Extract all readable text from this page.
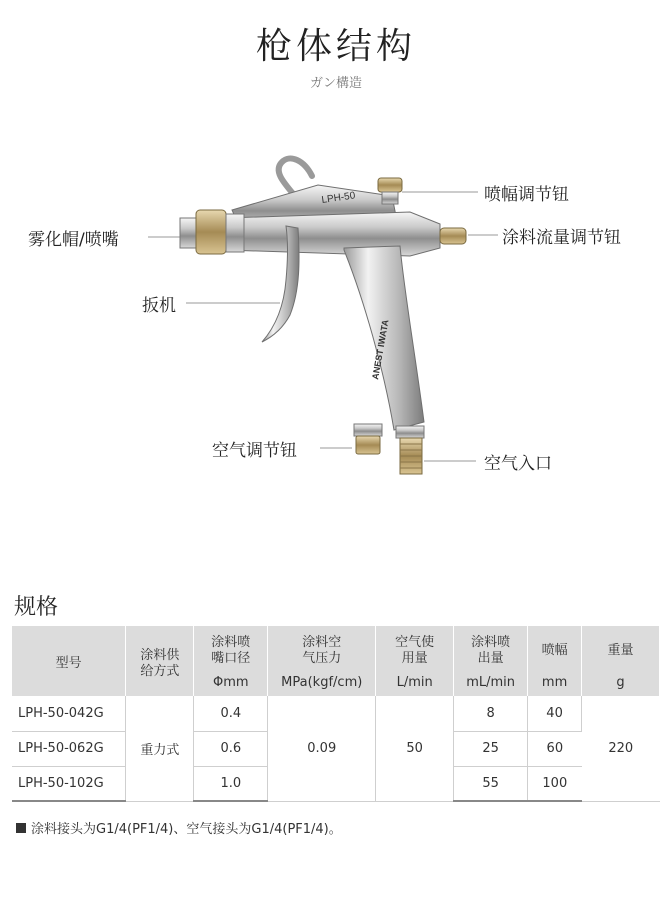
枪体结构
ガン構造
LPH-50
ANEST IWATA
喷幅调节钮
涂料流量调节钮
雾化帽/喷嘴
扳机
空气调节钮
空气入口
规格
型号	涂料供给方式	涂料喷嘴口径	涂料空气压力	空气使用量	涂料喷出量	喷幅	重量
		Φmm	MPa(kgf/cm)	L/min	mL/min	mm	g
LPH-50-042G	重力式	0.4	0.09	50	8	40	220
LPH-50-062G		0.6			25	60	
LPH-50-102G		1.0			55	100	
涂料接头为G1/4(PF1/4)、空气接头为G1/4(PF1/4)。
